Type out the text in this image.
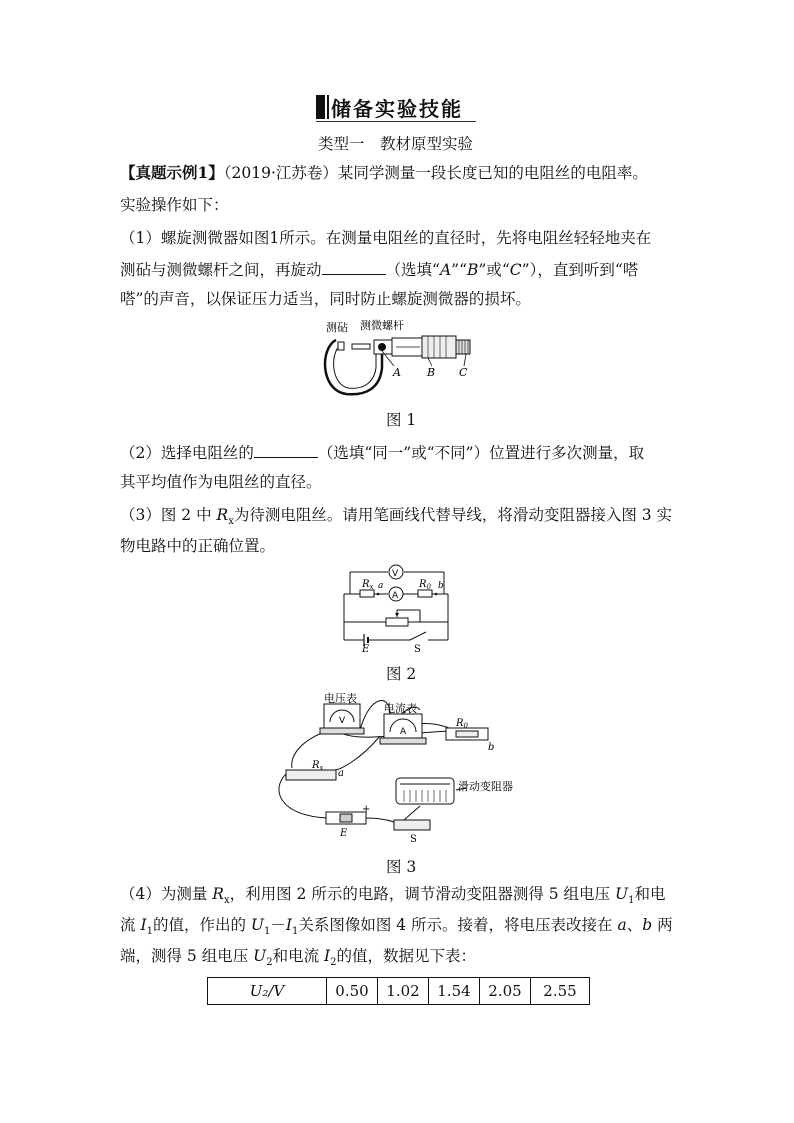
储备实验技能
类型一　教材原型实验
【真题示例1】（2019·江苏卷）某同学测量一段长度已知的电阻丝的电阻率。
实验操作如下：
（1）螺旋测微器如图1所示。在测量电阻丝的直径时，先将电阻丝轻轻地夹在
测砧与测微螺杆之间，再旋动	（选填“A”“B”或“C”），直到听到“嗒
嗒”的声音，以保证压力适当，同时防止螺旋测微器的损坏。
测砧 测微螺杆
A B C
图 1
（2）选择电阻丝的	（选填“同一”或“不同”）位置进行多次测量，取
其平均值作为电阻丝的直径。
（3）图 2 中 $R_x$为待测电阻丝。请用笔画线代替导线，将滑动变阻器接入图 3 实
物电路中的正确位置。
V
A
$R_x$ a	$R_0$ b
E	S
图 2
电压表
电流表
V
A
$R_0$
b
$R_x$ a
滑动变阻器
E
+
S
图 3
（4）为测量 $R_x$，利用图 2 所示的电路，调节滑动变阻器测得 5 组电压 $U_1$和电
流 $I_1$的值，作出的 $U_1-I_1$关系图像如图 4 所示。接着，将电压表改接在 a、b 两
端，测得 5 组电压 $U_2$和电流 $I_2$的值，数据见下表：
U₂/V	0.50	1.02	1.54	2.05	2.55
